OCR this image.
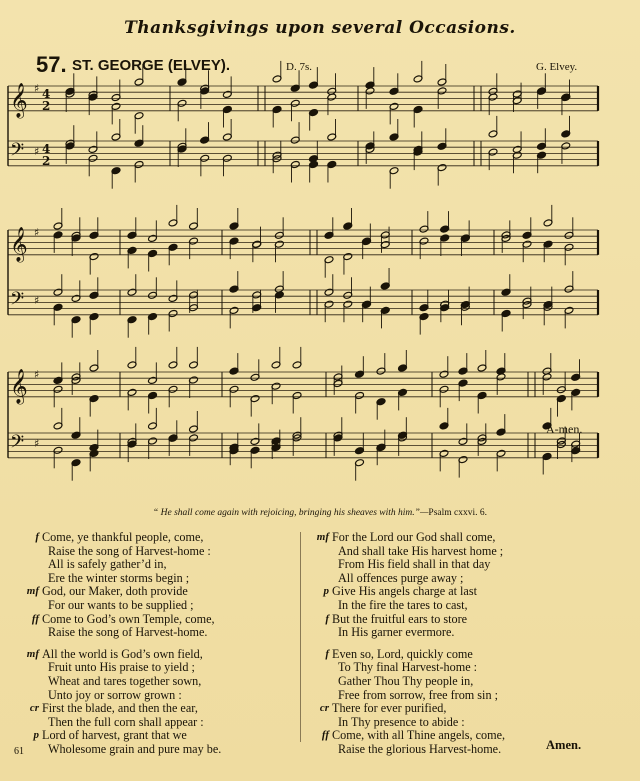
Thanksgivings upon several Occasions.
57. ST. GEORGE (ELVEY).	D. 7s.	G. Elvey.
𝄞 ♯
𝄢 ♯
𝄞 ♯
𝄢 ♯
𝄞 ♯
𝄢 ♯
4
2
4
2
A-men.
“ He shall come again with rejoicing, bringing his sheaves with him.”—Psalm cxxvi. 6.
f Come, ye thankful people, come,
Raise the song of Harvest-home :
All is safely gather’d in,
Ere the winter storms begin ;
mf God, our Maker, doth provide
For our wants to be supplied ;
ff Come to God’s own Temple, come,
Raise the song of Harvest-home.
mf All the world is God’s own field,
Fruit unto His praise to yield ;
Wheat and tares together sown,
Unto joy or sorrow grown :
cr First the blade, and then the ear,
Then the full corn shall appear :
p Lord of harvest, grant that we
Wholesome grain and pure may be.
mf For the Lord our God shall come,
And shall take His harvest home ;
From His field shall in that day
All offences purge away ;
p Give His angels charge at last
In the fire the tares to cast,
f But the fruitful ears to store
In His garner evermore.
f Even so, Lord, quickly come
To Thy final Harvest-home :
Gather Thou Thy people in,
Free from sorrow, free from sin ;
cr There for ever purified,
In Thy presence to abide :
ff Come, with all Thine angels, come,
Raise the glorious Harvest-home.	Amen.
61
